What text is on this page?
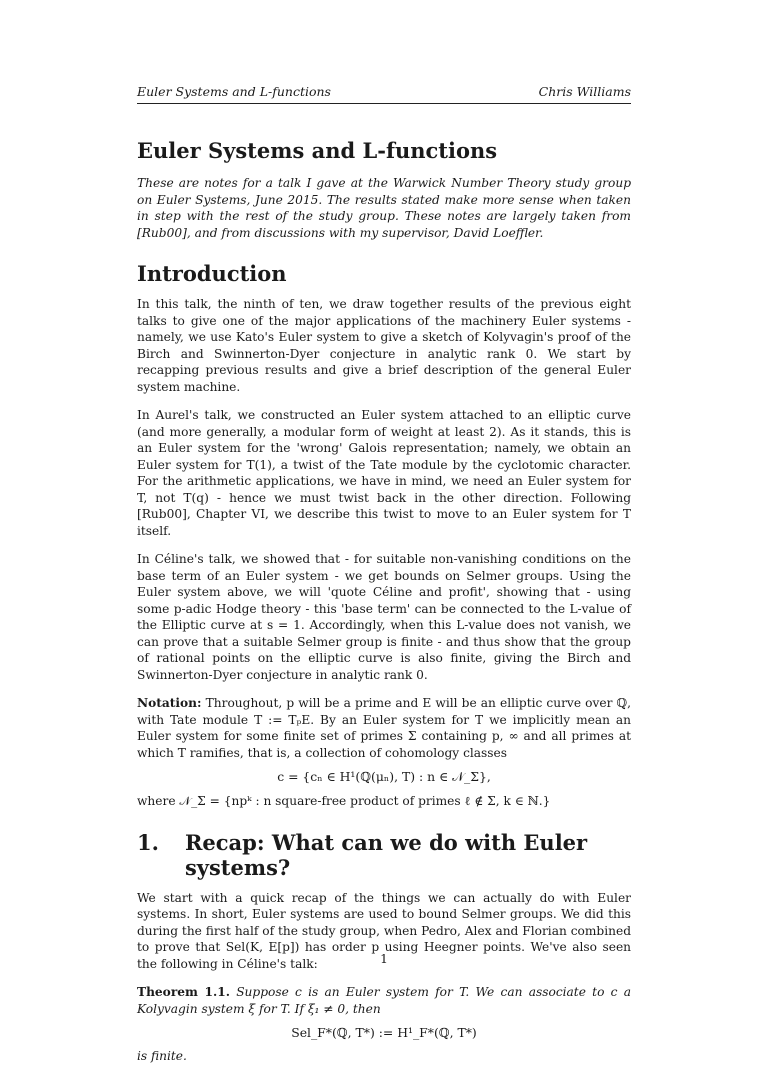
Euler Systems and L-functions	Chris Williams
Euler Systems and L-functions

These are notes for a talk I gave at the Warwick Number Theory study group on Euler Systems, June 2015. The results stated make more sense when taken in step with the rest of the study group. These notes are largely taken from [Rub00], and from discussions with my supervisor, David Loeffler.

Introduction

In this talk, the ninth of ten, we draw together results of the previous eight talks to give one of the major applications of the machinery Euler systems - namely, we use Kato's Euler system to give a sketch of Kolyvagin's proof of the Birch and Swinnerton-Dyer conjecture in analytic rank 0. We start by recapping previous results and give a brief description of the general Euler system machine.

In Aurel's talk, we constructed an Euler system attached to an elliptic curve (and more generally, a modular form of weight at least 2). As it stands, this is an Euler system for the 'wrong' Galois representation; namely, we obtain an Euler system for T(1), a twist of the Tate module by the cyclotomic character. For the arithmetic applications, we have in mind, we need an Euler system for T, not T(q) - hence we must twist back in the other direction. Following [Rub00], Chapter VI, we describe this twist to move to an Euler system for T itself.

In Céline's talk, we showed that - for suitable non-vanishing conditions on the base term of an Euler system - we get bounds on Selmer groups. Using the Euler system above, we will 'quote Céline and profit', showing that - using some p-adic Hodge theory - this 'base term' can be connected to the L-value of the Elliptic curve at s = 1. Accordingly, when this L-value does not vanish, we can prove that a suitable Selmer group is finite - and thus show that the group of rational points on the elliptic curve is also finite, giving the Birch and Swinnerton-Dyer conjecture in analytic rank 0.

Notation: Throughout, p will be a prime and E will be an elliptic curve over ℚ, with Tate module T := TₚE. By an Euler system for T we implicitly mean an Euler system for some finite set of primes Σ containing p, ∞ and all primes at which T ramifies, that is, a collection of cohomology classes

c = {cₙ ∈ H¹(ℚ(μₙ), T) : n ∈ 𝒩_Σ},

where 𝒩_Σ = {npᵏ : n square-free product of primes ℓ ∉ Σ, k ∈ ℕ.}

1. Recap: What can we do with Euler systems?

We start with a quick recap of the things we can actually do with Euler systems. In short, Euler systems are used to bound Selmer groups. We did this during the first half of the study group, when Pedro, Alex and Florian combined to prove that Sel(K, E[p]) has order p using Heegner points. We've also seen the following in Céline's talk:

Theorem 1.1. Suppose c is an Euler system for T. We can associate to c a Kolyvagin system ξ for T. If ξ₁ ≠ 0, then

Sel_F*(ℚ, T*) := H¹_F*(ℚ, T*)

is finite.

1
